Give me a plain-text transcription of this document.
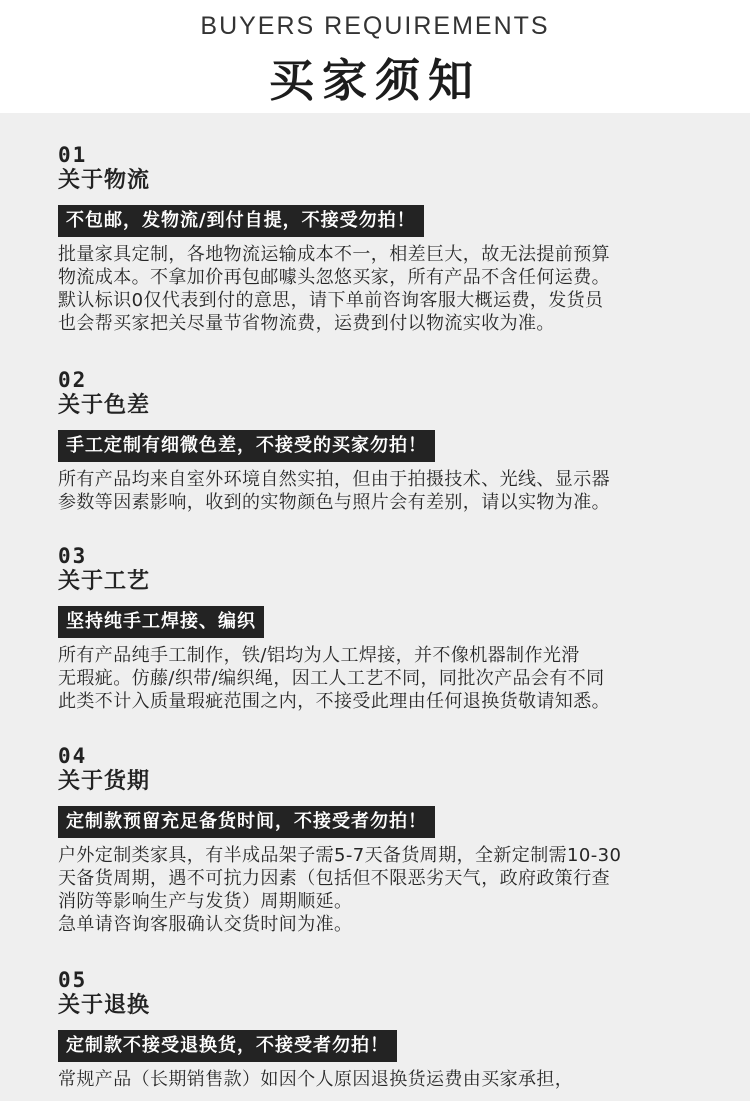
BUYERS REQUIREMENTS
买家须知
01
关于物流
不包邮，发物流/到付自提，不接受勿拍！
批量家具定制，各地物流运输成本不一，相差巨大，故无法提前预算
物流成本。不拿加价再包邮噱头忽悠买家，所有产品不含任何运费。
默认标识0仅代表到付的意思，请下单前咨询客服大概运费，发货员
也会帮买家把关尽量节省物流费，运费到付以物流实收为准。
02
关于色差
手工定制有细微色差，不接受的买家勿拍！
所有产品均来自室外环境自然实拍，但由于拍摄技术、光线、显示器
参数等因素影响，收到的实物颜色与照片会有差别，请以实物为准。
03
关于工艺
坚持纯手工焊接、编织
所有产品纯手工制作，铁/铝均为人工焊接，并不像机器制作光滑
无瑕疵。仿藤/织带/编织绳，因工人工艺不同，同批次产品会有不同
此类不计入质量瑕疵范围之内，不接受此理由任何退换货敬请知悉。
04
关于货期
定制款预留充足备货时间，不接受者勿拍！
户外定制类家具，有半成品架子需5-7天备货周期，全新定制需10-30
天备货周期，遇不可抗力因素（包括但不限恶劣天气，政府政策行查
消防等影响生产与发货）周期顺延。
急单请咨询客服确认交货时间为准。
05
关于退换
定制款不接受退换货，不接受者勿拍！
常规产品（长期销售款）如因个人原因退换货运费由买家承担，
